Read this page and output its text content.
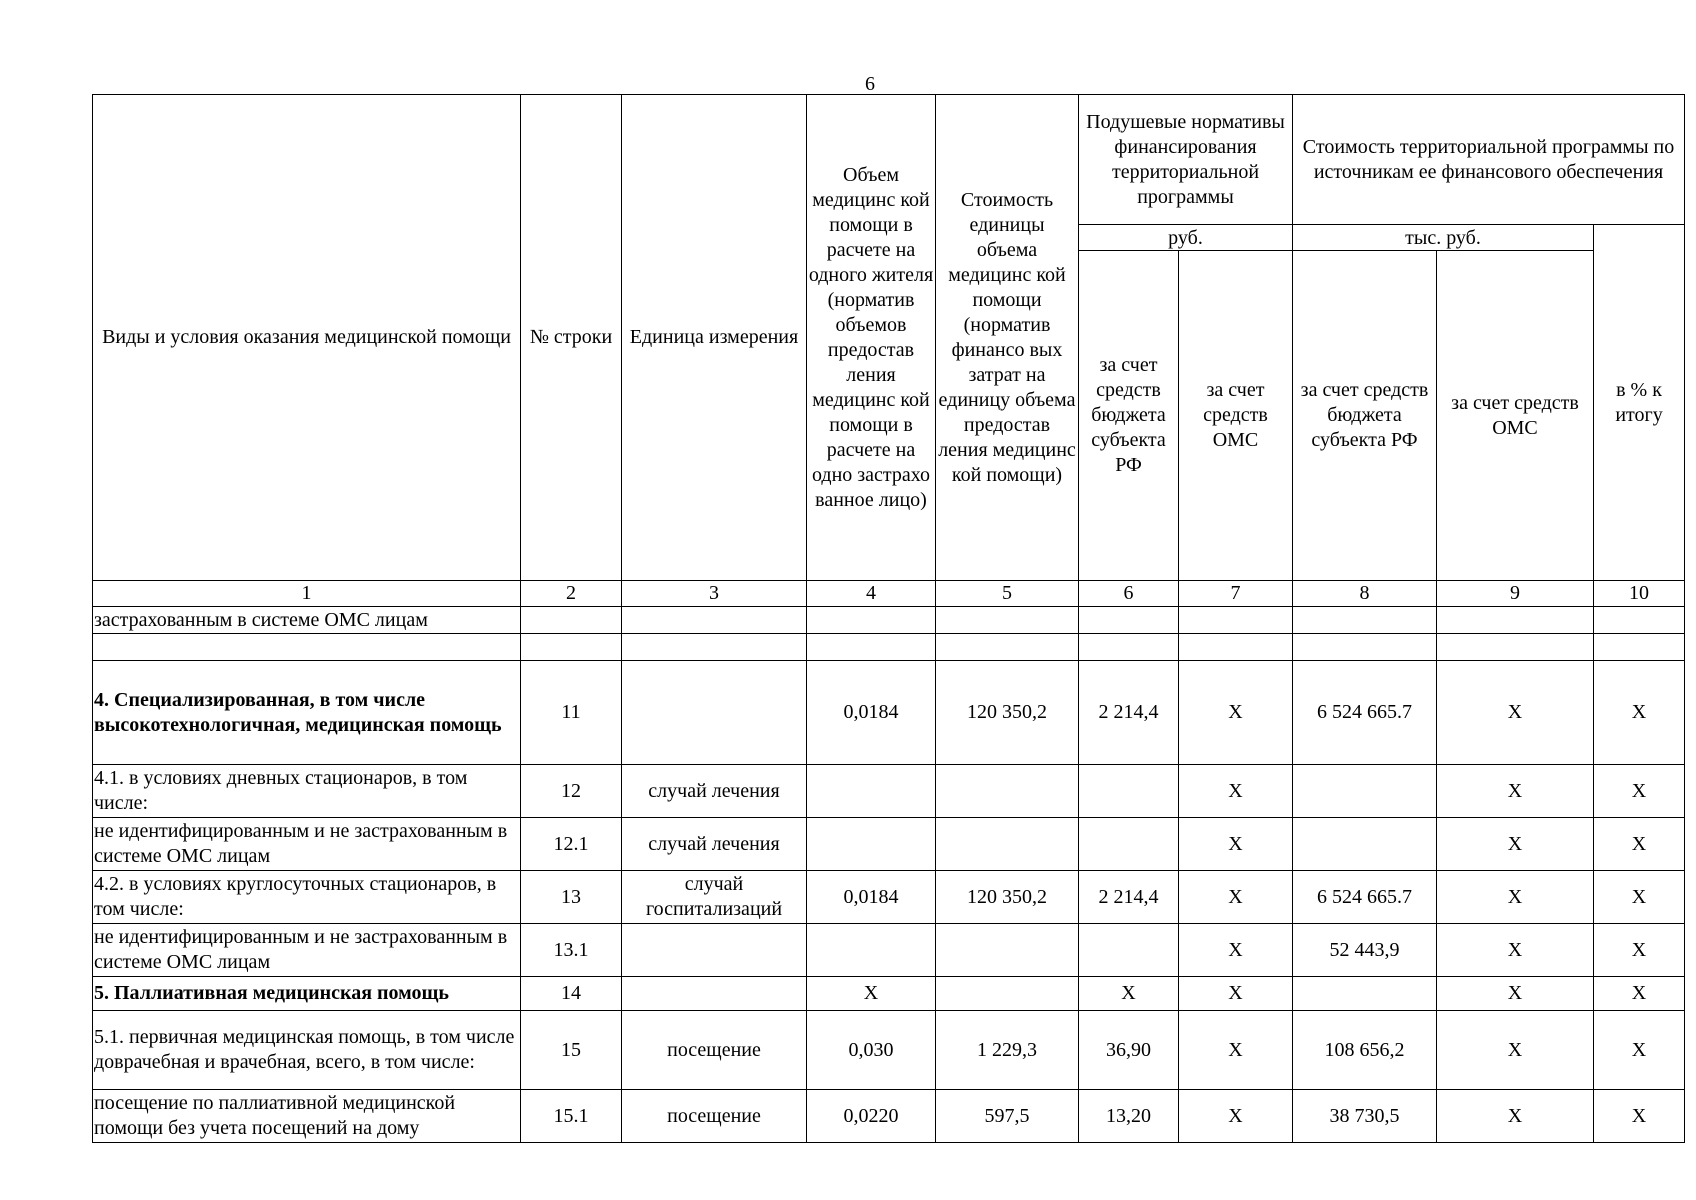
6
Виды и условия оказания медицинской помощи	№ строки	Единица измерения	Объем медицинс кой помощи в расчете на одного жителя (норматив объемов предостав ления медицинс кой помощи в расчете на одно застрахо ванное лицо)	Стоимость единицы объема медицинс кой помощи (норматив финансо вых затрат на единицу объема предостав ления медицинс кой помощи)	Подушевые нормативы финансирования территориальной программы		Стоимость территориальной программы по источникам ее финансового обеспечения		
					руб.		тыс. руб.		в % к итогу
					за счет средств бюджета субъекта РФ	за счет средств ОМС	за счет средств бюджета субъекта РФ	за счет средств ОМС	
1	2	3	4	5	6	7	8	9	10
застрахованным в системе ОМС лицам									

4. Специализированная, в том числе высокотехнологичная, медицинская помощь	11		0,0184	120 350,2	2 214,4	Х	6 524 665.7	Х	Х
4.1. в условиях дневных стационаров, в том числе:	12	случай лечения				Х		Х	Х
не идентифицированным и не застрахованным в системе ОМС лицам	12.1	случай лечения				Х		Х	Х
4.2. в условиях круглосуточных стационаров, в том числе:	13	случай госпитализаций	0,0184	120 350,2	2 214,4	Х	6 524 665.7	Х	Х
не идентифицированным и не застрахованным в системе ОМС лицам	13.1					Х	52 443,9	Х	Х
5. Паллиативная медицинская помощь	14		Х		Х	Х		Х	Х
5.1. первичная медицинская помощь, в том числе доврачебная и врачебная, всего, в том числе:	15	посещение	0,030	1 229,3	36,90	Х	108 656,2	Х	Х
посещение по паллиативной медицинской помощи без учета посещений на дому	15.1	посещение	0,0220	597,5	13,20	Х	38 730,5	Х	Х
